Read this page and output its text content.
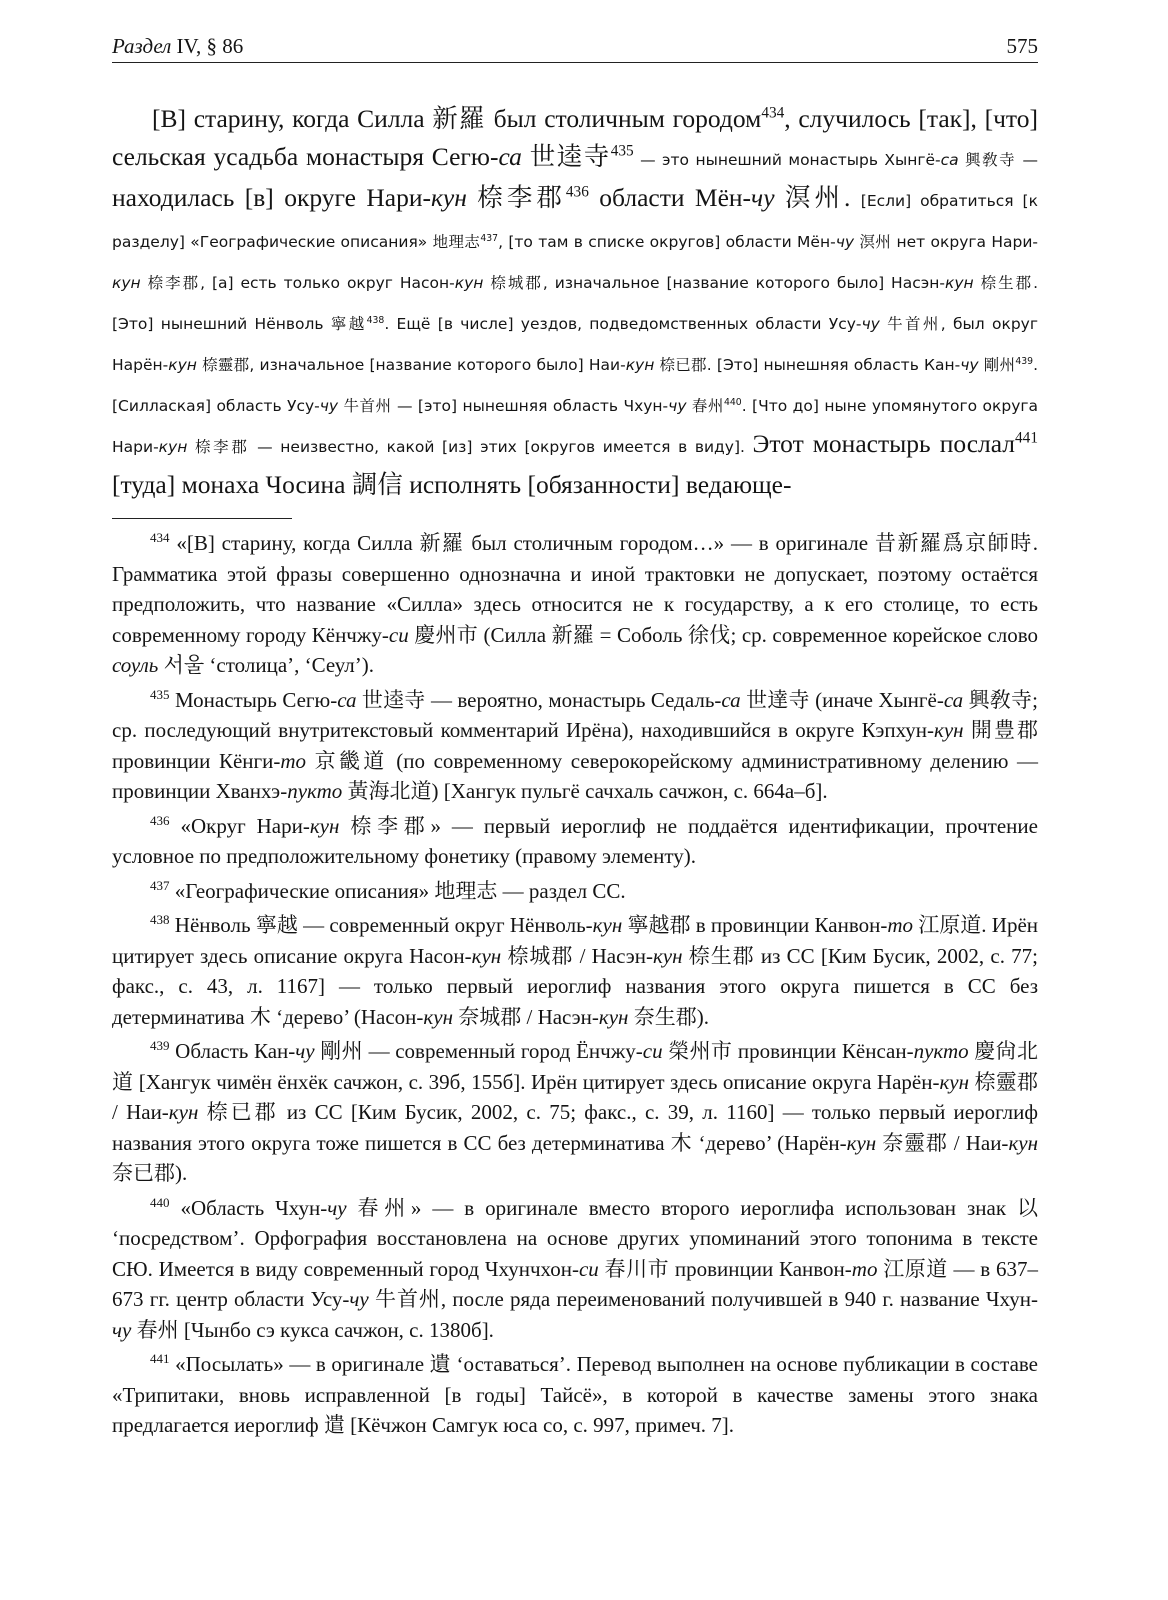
Раздел IV, § 86	575
[В] старину, когда Силла 新羅 был столичным городом$^{434}$, случилось [так], [что] сельская усадьба монастыря Сегю-са 世逵寺$^{435}$ — это нынешний монастырь Хынгё-са 興敎寺 — находилась [в] округе Нари-кун 㮈李郡$^{436}$ области Мён-чу 溟州. [Если] обратиться [к разделу] «Географические описания» 地理志$^{437}$, [то там в списке округов] области Мён-чу 溟州 нет округа Нари-кун 㮈李郡, [а] есть только округ Насон-кун 㮈城郡, изначальное [название которого было] Насэн-кун 㮈生郡. [Это] нынешний Нёнволь 寧越$^{438}$. Ещё [в числе] уездов, подведомственных области Усу-чу 牛首州, был округ Нарён-кун 㮈靈郡, изначальное [название которого было] Наи-кун 㮈已郡. [Это] нынешняя область Кан-чу 剛州$^{439}$. [Силлаская] область Усу-чу 牛首州 — [это] нынешняя область Чхун-чу 春州$^{440}$. [Что до] ныне упомянутого округа Нари-кун 㮈李郡 — неизвестно, какой [из] этих [округов имеется в виду]. Этот монастырь послал$^{441}$ [туда] монаха Чосина 調信 исполнять [обязанности] ведающе-

$^{434}$ «[В] старину, когда Силла 新羅 был столичным городом…» — в оригинале 昔新羅爲京師時. Грамматика этой фразы совершенно однозначна и иной трактовки не допускает, поэтому остаётся предположить, что название «Силла» здесь относится не к государству, а к его столице, то есть современному городу Кёнчжу-си 慶州市 (Силла 新羅 = Соболь 徐伐; ср. современное корейское слово соуль 서울 ‘столица’, ‘Сеул’).

$^{435}$ Монастырь Сегю-са 世逵寺 — вероятно, монастырь Седаль-са 世達寺 (иначе Хынгё-са 興敎寺; ср. последующий внутритекстовый комментарий Ирёна), находившийся в округе Кэпхун-кун 開豊郡 провинции Кёнги-то 京畿道 (по современному северокорейскому административному делению — провинции Хванхэ-пукто 黃海北道) [Хангук пульгё сачхаль сачжон, с. 664а–б].

$^{436}$ «Округ Нари-кун 㮈李郡» — первый иероглиф не поддаётся идентификации, прочтение условное по предположительному фонетику (правому элементу).

$^{437}$ «Географические описания» 地理志 — раздел СС.

$^{438}$ Нёнволь 寧越 — современный округ Нёнволь-кун 寧越郡 в провинции Канвон-то 江原道. Ирён цитирует здесь описание округа Насон-кун 㮈城郡 / Насэн-кун 㮈生郡 из СС [Ким Бусик, 2002, с. 77; факс., с. 43, л. 1167] — только первый иероглиф названия этого округа пишется в СС без детерминатива 木 ‘дерево’ (Насон-кун 奈城郡 / Насэн-кун 奈生郡).

$^{439}$ Область Кан-чу 剛州 — современный город Ёнчжу-си 榮州市 провинции Кёнсан-пукто 慶尙北道 [Хангук чимён ёнхёк сачжон, с. 39б, 155б]. Ирён цитирует здесь описание округа Нарён-кун 㮈靈郡 / Наи-кун 㮈已郡 из СС [Ким Бусик, 2002, с. 75; факс., с. 39, л. 1160] — только первый иероглиф названия этого округа тоже пишется в СС без детерминатива 木 ‘дерево’ (Нарён-кун 奈靈郡 / Наи-кун 奈已郡).

$^{440}$ «Область Чхун-чу 春州» — в оригинале вместо второго иероглифа использован знак 以 ‘посредством’. Орфография восстановлена на основе других упоминаний этого топонима в тексте СЮ. Имеется в виду современный город Чхунчхон-си 春川市 провинции Канвон-то 江原道 — в 637–673 гг. центр области Усу-чу 牛首州, после ряда переименований получившей в 940 г. название Чхун-чу 春州 [Чынбо сэ кукса сачжон, с. 1380б].

$^{441}$ «Посылать» — в оригинале 遺 ‘оставаться’. Перевод выполнен на основе публикации в составе «Трипитаки, вновь исправленной [в годы] Тайсё», в которой в качестве замены этого знака предлагается иероглиф 遣 [Кёчжон Самгук юса со, с. 997, примеч. 7].
